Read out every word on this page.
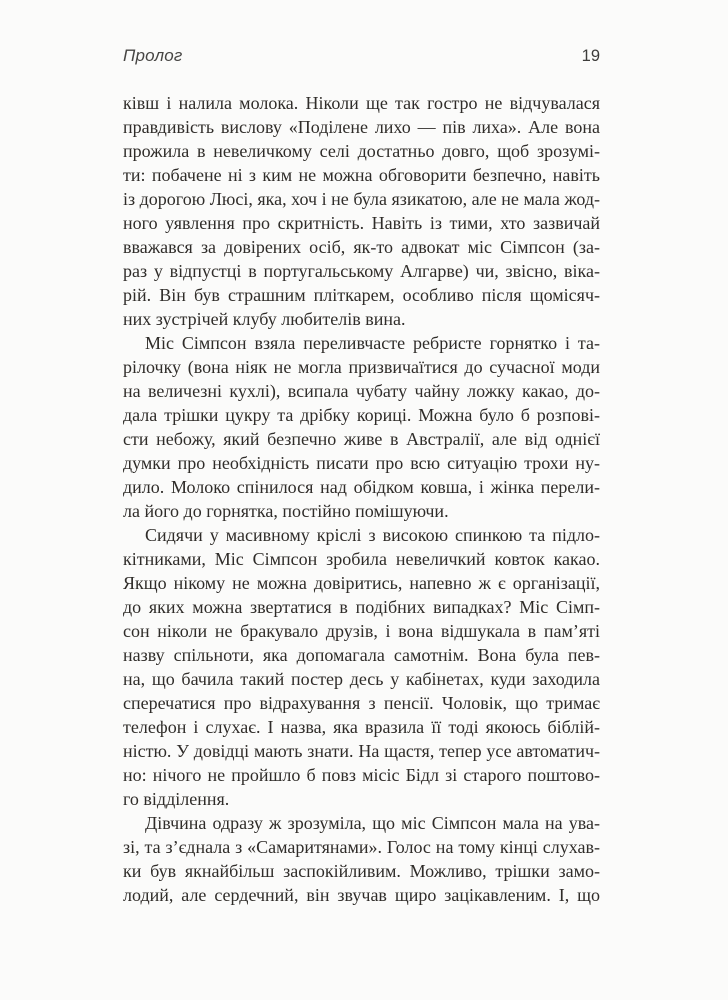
Пролог	19
ківш і налила молока. Ніколи ще так гостро не відчувалася
правдивість вислову «Поділене лихо — пів лиха». Але вона
прожила в невеличкому селі достатньо довго, щоб зрозумі-
ти: побачене ні з ким не можна обговорити безпечно, навіть
із дорогою Люсі, яка, хоч і не була язикатою, але не мала жод-
ного уявлення про скритність. Навіть із тими, хто зазвичай
вважався за довірених осіб, як-то адвокат міс Сімпсон (за-
раз у відпустці в португальському Алгарве) чи, звісно, віка-
рій. Він був страшним пліткарем, особливо після щомісяч-
них зустрічей клубу любителів вина.
Міс Сімпсон взяла переливчасте ребристе горнятко і та-
рілочку (вона ніяк не могла призвичаїтися до сучасної моди
на величезні кухлі), всипала чубату чайну ложку какао, до-
дала трішки цукру та дрібку кориці. Можна було б розпові-
сти небожу, який безпечно живе в Австралії, але від однієї
думки про необхідність писати про всю ситуацію трохи ну-
дило. Молоко спінилося над обідком ковша, і жінка перели-
ла його до горнятка, постійно помішуючи.
Сидячи у масивному кріслі з високою спинкою та підло-
кітниками, Міс Сімпсон зробила невеличкий ковток какао.
Якщо нікому не можна довіритись, напевно ж є організації,
до яких можна звертатися в подібних випадках? Міс Сімп-
сон ніколи не бракувало друзів, і вона відшукала в пам’яті
назву спільноти, яка допомагала самотнім. Вона була пев-
на, що бачила такий постер десь у кабінетах, куди заходила
сперечатися про відрахування з пенсії. Чоловік, що тримає
телефон і слухає. І назва, яка вразила її тоді якоюсь біблій-
ністю. У довідці мають знати. На щастя, тепер усе автоматич-
но: нічого не пройшло б повз місіс Бідл зі старого поштово-
го відділення.
Дівчина одразу ж зрозуміла, що міс Сімпсон мала на ува-
зі, та з’єднала з «Самаритянами». Голос на тому кінці слухав-
ки був якнайбільш заспокійливим. Можливо, трішки замо-
лодий, але сердечний, він звучав щиро зацікавленим. І, що
